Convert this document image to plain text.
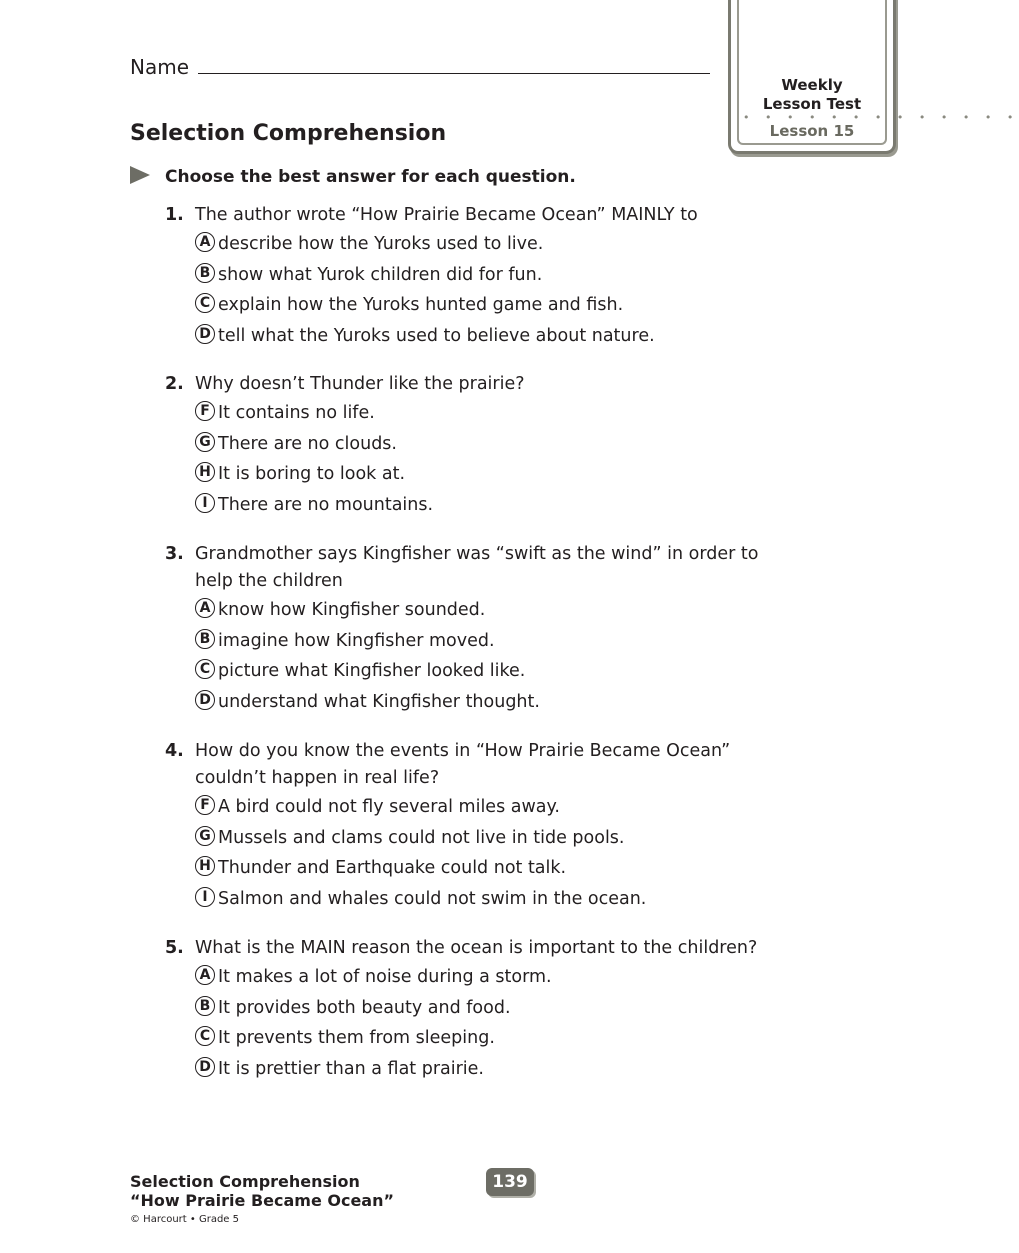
Name
Weekly
Lesson Test
• • • • • • • • • • • • •
Lesson 15
Selection Comprehension
Choose the best answer for each question.
1. The author wrote “How Prairie Became Ocean” MAINLY to
A describe how the Yuroks used to live.
B show what Yurok children did for fun.
C explain how the Yuroks hunted game and fish.
D tell what the Yuroks used to believe about nature.
2. Why doesn’t Thunder like the prairie?
F It contains no life.
G There are no clouds.
H It is boring to look at.
I There are no mountains.
3. Grandmother says Kingfisher was “swift as the wind” in order to help the children
A know how Kingfisher sounded.
B imagine how Kingfisher moved.
C picture what Kingfisher looked like.
D understand what Kingfisher thought.
4. How do you know the events in “How Prairie Became Ocean” couldn’t happen in real life?
F A bird could not fly several miles away.
G Mussels and clams could not live in tide pools.
H Thunder and Earthquake could not talk.
I Salmon and whales could not swim in the ocean.
5. What is the MAIN reason the ocean is important to the children?
A It makes a lot of noise during a storm.
B It provides both beauty and food.
C It prevents them from sleeping.
D It is prettier than a flat prairie.
Selection Comprehension
“How Prairie Became Ocean”
© Harcourt • Grade 5
139
